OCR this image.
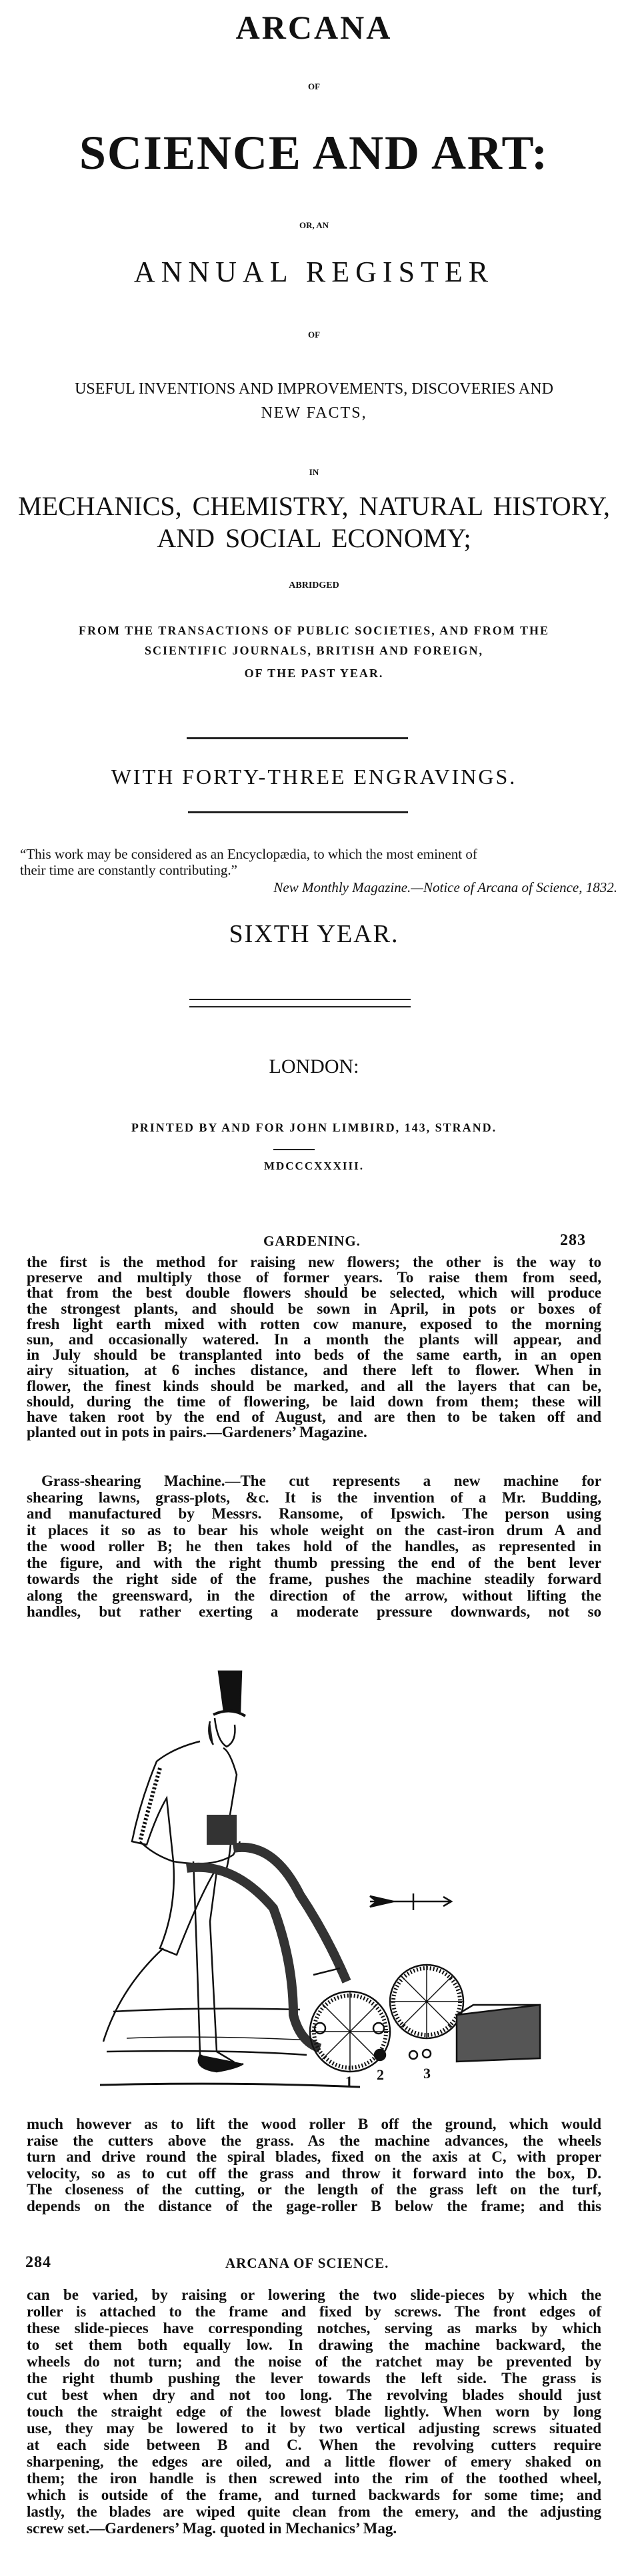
ARCANA
OF
SCIENCE AND ART:
OR, AN
ANNUAL REGISTER
OF
USEFUL INVENTIONS AND IMPROVEMENTS, DISCOVERIES AND
NEW FACTS,
IN
MECHANICS, CHEMISTRY, NATURAL HISTORY,
AND SOCIAL ECONOMY;
ABRIDGED
FROM THE TRANSACTIONS OF PUBLIC SOCIETIES, AND FROM THE
SCIENTIFIC JOURNALS, BRITISH AND FOREIGN,
OF THE PAST YEAR.
WITH FORTY-THREE ENGRAVINGS.
“This work may be considered as an Encyclopædia, to which the most eminent of
their time are constantly contributing.”
New Monthly Magazine.—Notice of Arcana of Science, 1832.
SIXTH YEAR.
LONDON:
PRINTED BY AND FOR JOHN LIMBIRD, 143, STRAND.
MDCCCXXXIII.
GARDENING.	283
the first is the method for raising new flowers; the other is the way to
preserve and multiply those of former years. To raise them from seed,
that from the best double flowers should be selected, which will produce
the strongest plants, and should be sown in April, in pots or boxes of
fresh light earth mixed with rotten cow manure, exposed to the morning
sun, and occasionally watered. In a month the plants will appear, and
in July should be transplanted into beds of the same earth, in an open
airy situation, at 6 inches distance, and there left to flower. When in
flower, the finest kinds should be marked, and all the layers that can be,
should, during the time of flowering, be laid down from them; these will
have taken root by the end of August, and are then to be taken off and
planted out in pots in pairs.—Gardeners’ Magazine.
Grass-shearing Machine.—The cut represents a new machine for
shearing lawns, grass-plots, &c. It is the invention of a Mr. Budding,
and manufactured by Messrs. Ransome, of Ipswich. The person using
it places it so as to bear his whole weight on the cast-iron drum A and
the wood roller B; he then takes hold of the handles, as represented in
the figure, and with the right thumb pressing the end of the bent lever
towards the right side of the frame, pushes the machine steadily forward
along the greensward, in the direction of the arrow, without lifting the
handles, but rather exerting a moderate pressure downwards, not so
1 2	3
much however as to lift the wood roller B off the ground, which would
raise the cutters above the grass. As the machine advances, the wheels
turn and drive round the spiral blades, fixed on the axis at C, with proper
velocity, so as to cut off the grass and throw it forward into the box, D.
The closeness of the cutting, or the length of the grass left on the turf,
depends on the distance of the gage-roller B below the frame; and this
284	ARCANA OF SCIENCE.
can be varied, by raising or lowering the two slide-pieces by which the
roller is attached to the frame and fixed by screws. The front edges of
these slide-pieces have corresponding notches, serving as marks by which
to set them both equally low. In drawing the machine backward, the
wheels do not turn; and the noise of the ratchet may be prevented by
the right thumb pushing the lever towards the left side. The grass is
cut best when dry and not too long. The revolving blades should just
touch the straight edge of the lowest blade lightly. When worn by long
use, they may be lowered to it by two vertical adjusting screws situated
at each side between B and C. When the revolving cutters require
sharpening, the edges are oiled, and a little flower of emery shaked on
them; the iron handle is then screwed into the rim of the toothed wheel,
which is outside of the frame, and turned backwards for some time; and
lastly, the blades are wiped quite clean from the emery, and the adjusting
screw set.—Gardeners’ Mag. quoted in Mechanics’ Mag.
